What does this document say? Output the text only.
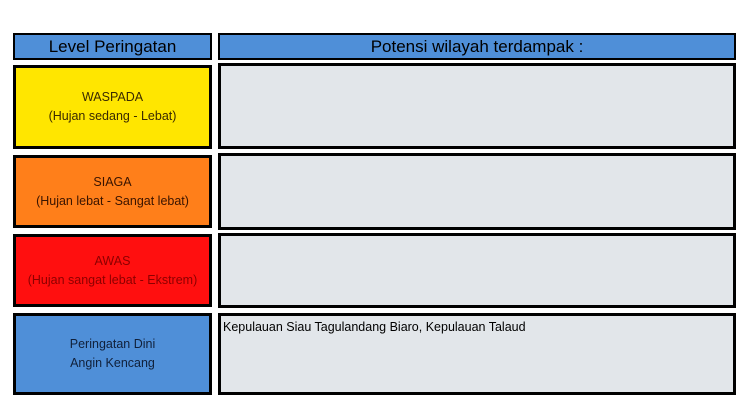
Level Peringatan	Potensi wilayah terdampak :
WASPADA
(Hujan sedang - Lebat)
SIAGA
(Hujan lebat - Sangat lebat)
AWAS
(Hujan sangat lebat - Ekstrem)
Peringatan Dini
Angin Kencang
Kepulauan Siau Tagulandang Biaro, Kepulauan Talaud
